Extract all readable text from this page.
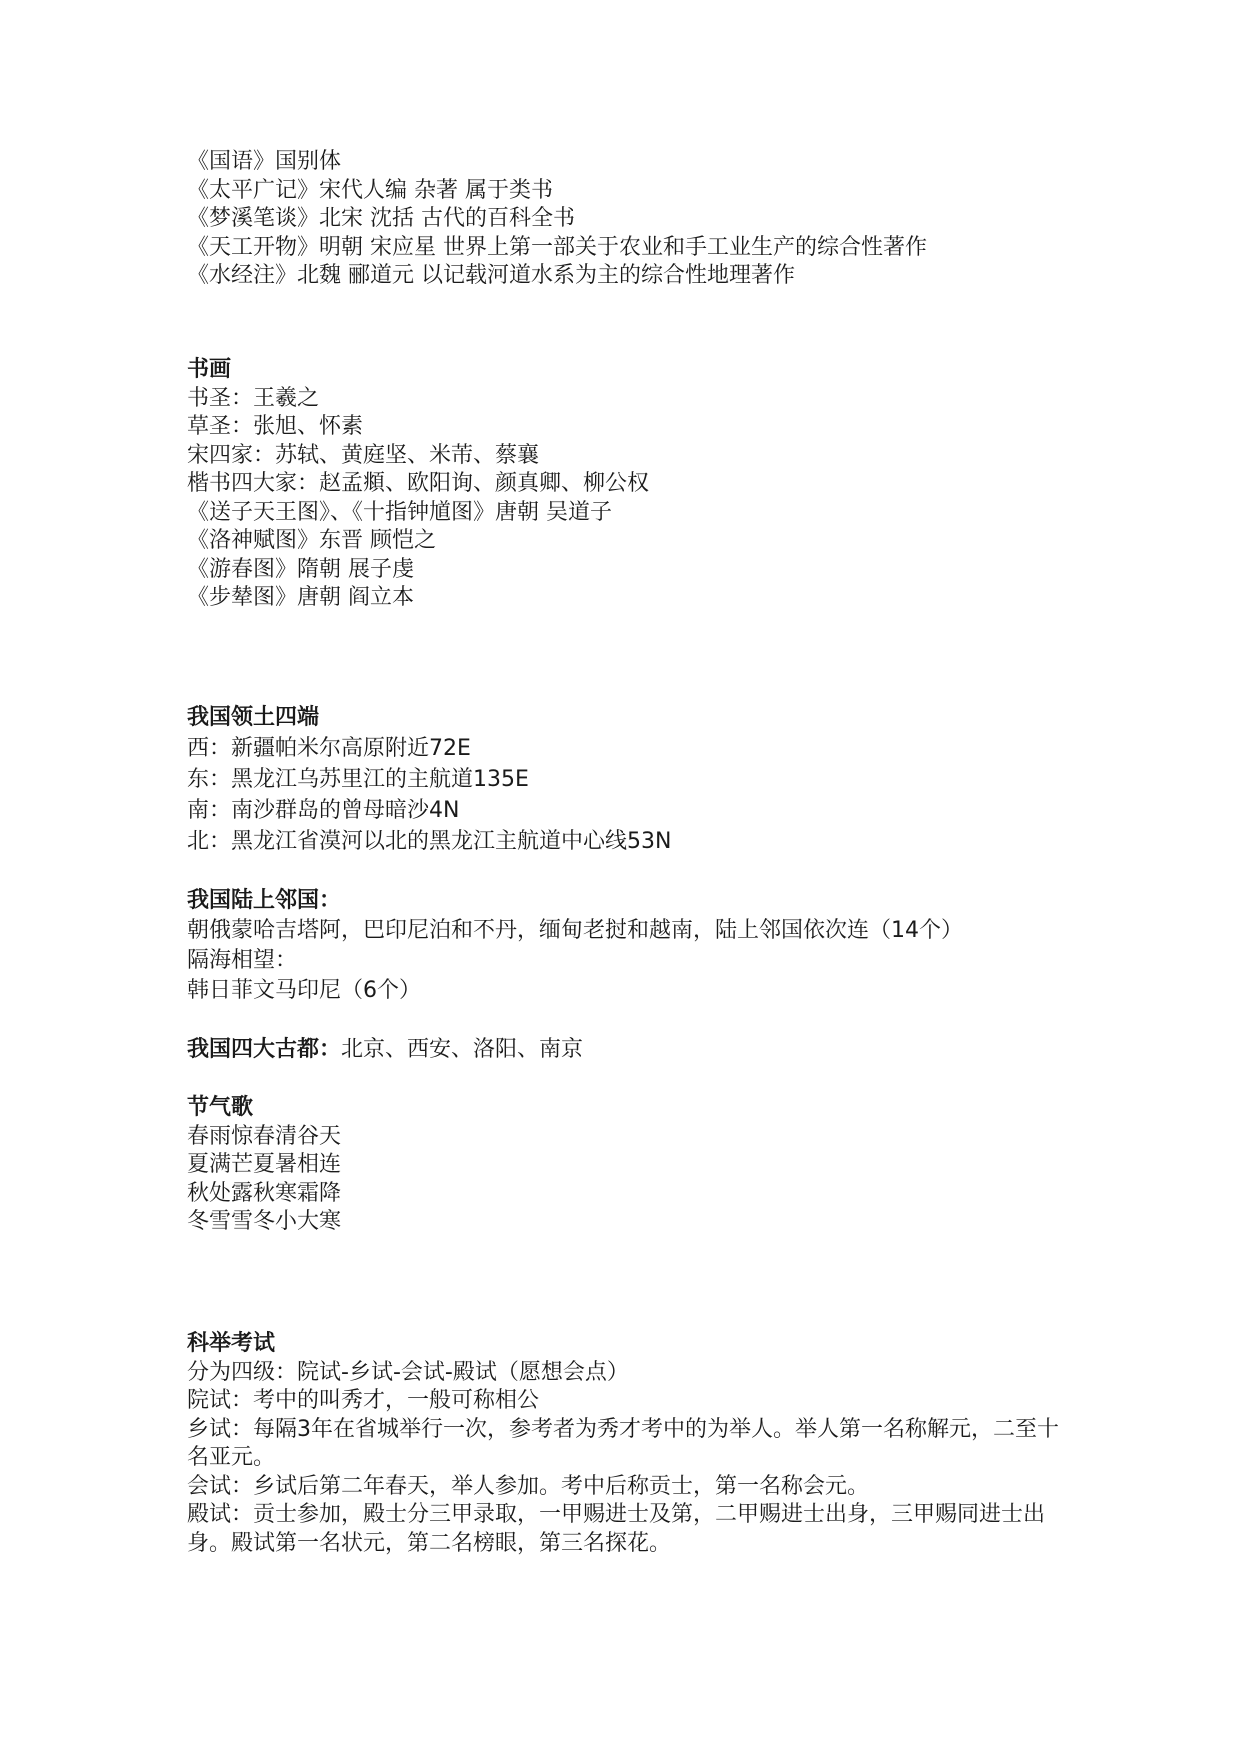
《国语》国别体
《太平广记》宋代人编 杂著 属于类书
《梦溪笔谈》北宋 沈括 古代的百科全书
《天工开物》明朝 宋应星 世界上第一部关于农业和手工业生产的综合性著作
《水经注》北魏 郦道元 以记载河道水系为主的综合性地理著作
书画
书圣：王羲之
草圣：张旭、怀素
宋四家：苏轼、黄庭坚、米芾、蔡襄
楷书四大家：赵孟頫、欧阳询、颜真卿、柳公权
《送子天王图》、《十指钟馗图》唐朝 吴道子
《洛神赋图》东晋 顾恺之
《游春图》隋朝 展子虔
《步辇图》唐朝 阎立本
我国领土四端
西：新疆帕米尔高原附近72E
东：黑龙江乌苏里江的主航道135E
南：南沙群岛的曾母暗沙4N
北：黑龙江省漠河以北的黑龙江主航道中心线53N
我国陆上邻国：
朝俄蒙哈吉塔阿，巴印尼泊和不丹，缅甸老挝和越南，陆上邻国依次连（14个）
隔海相望：
韩日菲文马印尼（6个）
我国四大古都：北京、西安、洛阳、南京
节气歌
春雨惊春清谷天
夏满芒夏暑相连
秋处露秋寒霜降
冬雪雪冬小大寒
科举考试
分为四级：院试-乡试-会试-殿试（愿想会点）
院试：考中的叫秀才，一般可称相公
乡试：每隔3年在省城举行一次，参考者为秀才考中的为举人。举人第一名称解元，二至十名亚元。
会试：乡试后第二年春天，举人参加。考中后称贡士，第一名称会元。
殿试：贡士参加，殿士分三甲录取，一甲赐进士及第，二甲赐进士出身，三甲赐同进士出身。殿试第一名状元，第二名榜眼，第三名探花。
